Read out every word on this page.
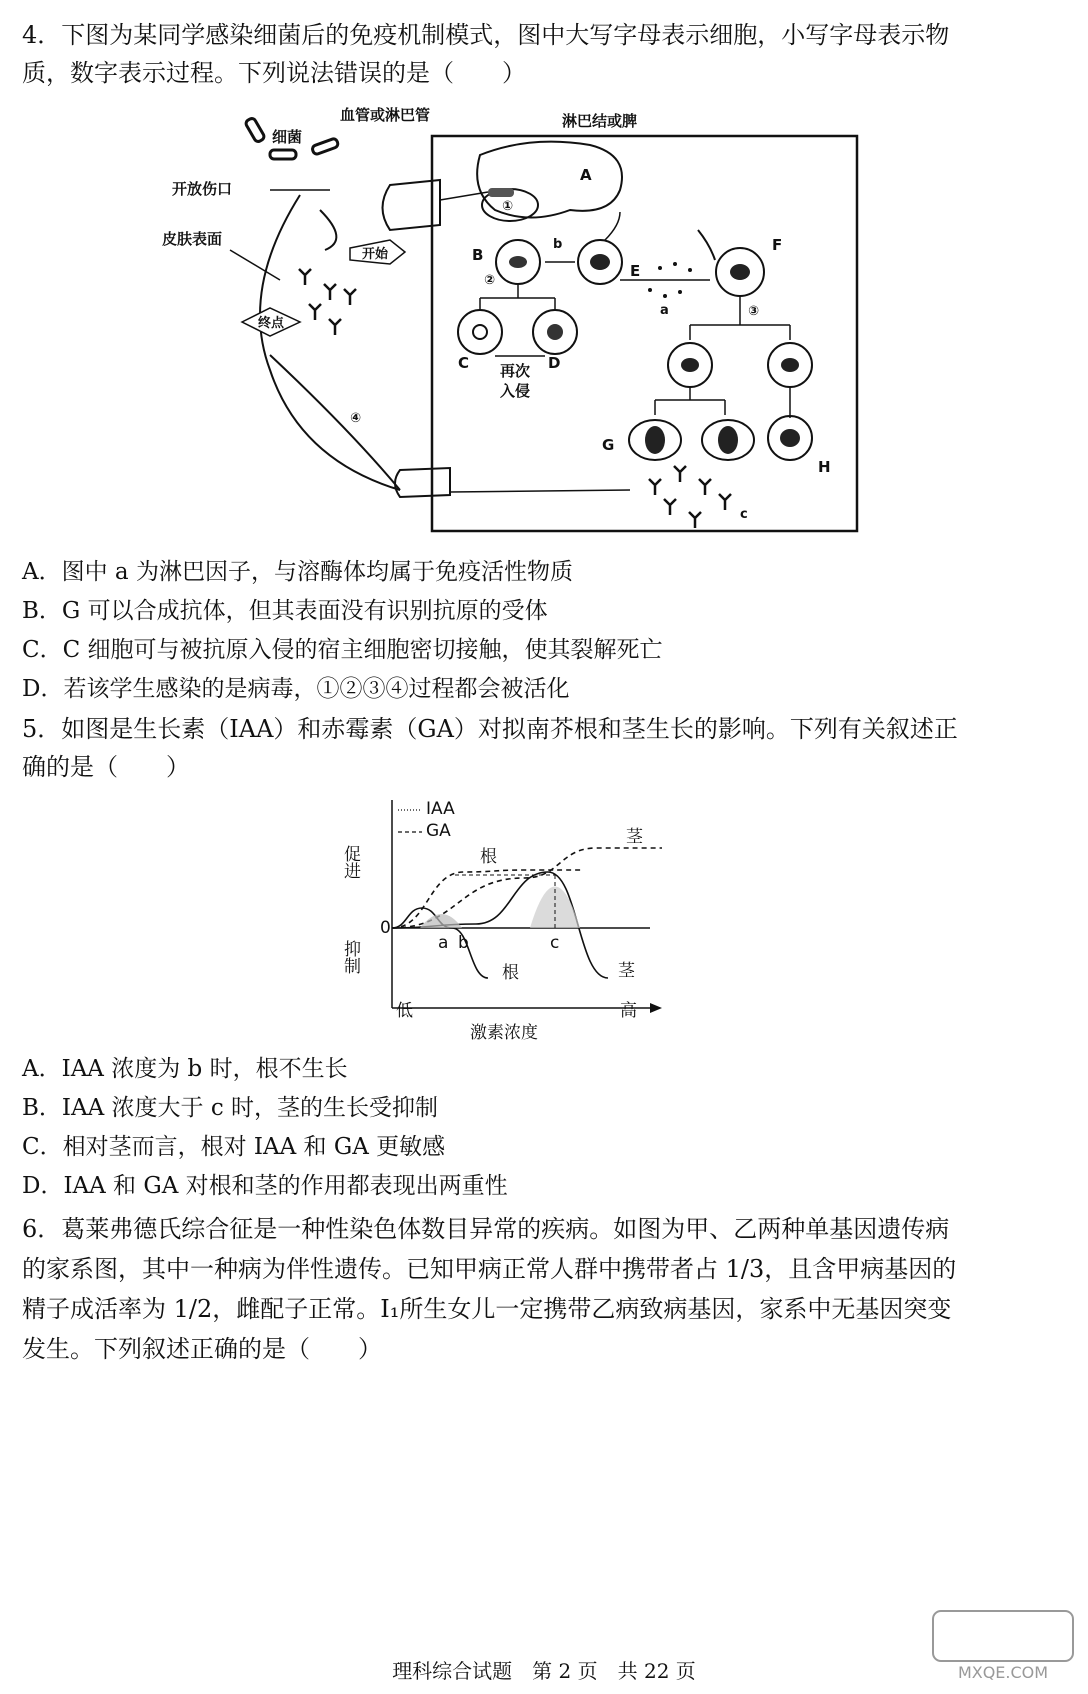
4．下图为某同学感染细菌后的免疫机制模式，图中大写字母表示细胞，小写字母表示物
质，数字表示过程。下列说法错误的是（　　）
细菌
血管或淋巴管	淋巴结或脾
开放伤口
皮肤表面
开始
终点
A
①
B
②
C	D
再次
入侵
b
E
a
F
③
G
H
c
④
A．图中 a 为淋巴因子，与溶酶体均属于免疫活性物质
B．G 可以合成抗体，但其表面没有识别抗原的受体
C．C 细胞可与被抗原入侵的宿主细胞密切接触，使其裂解死亡
D．若该学生感染的是病毒，①②③④过程都会被活化
5．如图是生长素（IAA）和赤霉素（GA）对拟南芥根和茎生长的影响。下列有关叙述正
确的是（　　）
0
促进
抑制
低	高
激素浓度
IAA
GA
a b	c
根
根
茎
茎
A．IAA 浓度为 b 时，根不生长
B．IAA 浓度大于 c 时，茎的生长受抑制
C．相对茎而言，根对 IAA 和 GA 更敏感
D．IAA 和 GA 对根和茎的作用都表现出两重性
6．葛莱弗德氏综合征是一种性染色体数目异常的疾病。如图为甲、乙两种单基因遗传病
的家系图，其中一种病为伴性遗传。已知甲病正常人群中携带者占 1/3，且含甲病基因的
精子成活率为 1/2，雌配子正常。I₁所生女儿一定携带乙病致病基因，家系中无基因突变
发生。下列叙述正确的是（　　）
理科综合试题　第 2 页　共 22 页	MXQE.COM
